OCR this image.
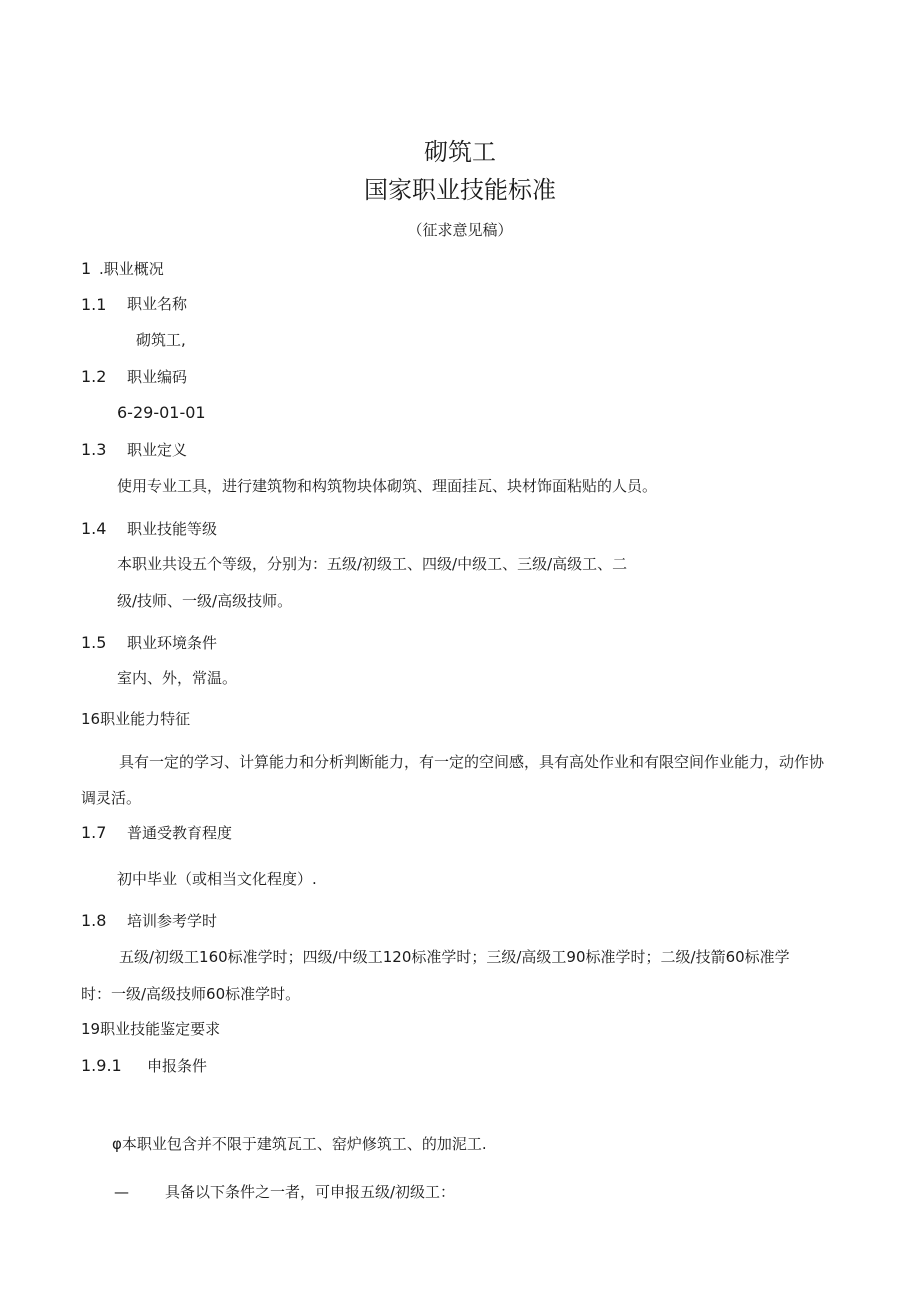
砌筑工
国家职业技能标准
（征求意见稿）
1 .职业概况
1.1 职业名称
砌筑工,
1.2 职业编码
6-29-01-01
1.3 职业定义
使用专业工具，进行建筑物和构筑物块体砌筑、理面挂瓦、块材饰面粘贴的人员。
1.4 职业技能等级
本职业共设五个等级，分别为：五级/初级工、四级/中级工、三级/高级工、二
级/技师、一级/高级技师。
1.5 职业环境条件
室内、外，常温。
16职业能力特征
具有一定的学习、计算能力和分析判断能力，有一定的空间感，具有高处作业和有限空间作业能力，动作协
调灵活。
1.7 普通受教育程度
初中毕业（或相当文化程度）.
1.8 培训参考学时
五级/初级工160标准学时；四级/中级工120标准学时；三级/高级工90标准学时；二级/技箭60标准学
时：一级/高级技师60标准学时。
19职业技能鉴定要求
1.9.1 申报条件
φ本职业包含并不限于建筑瓦工、窑炉修筑工、的加泥工.
— 具备以下条件之一者，可申报五级/初级工：
